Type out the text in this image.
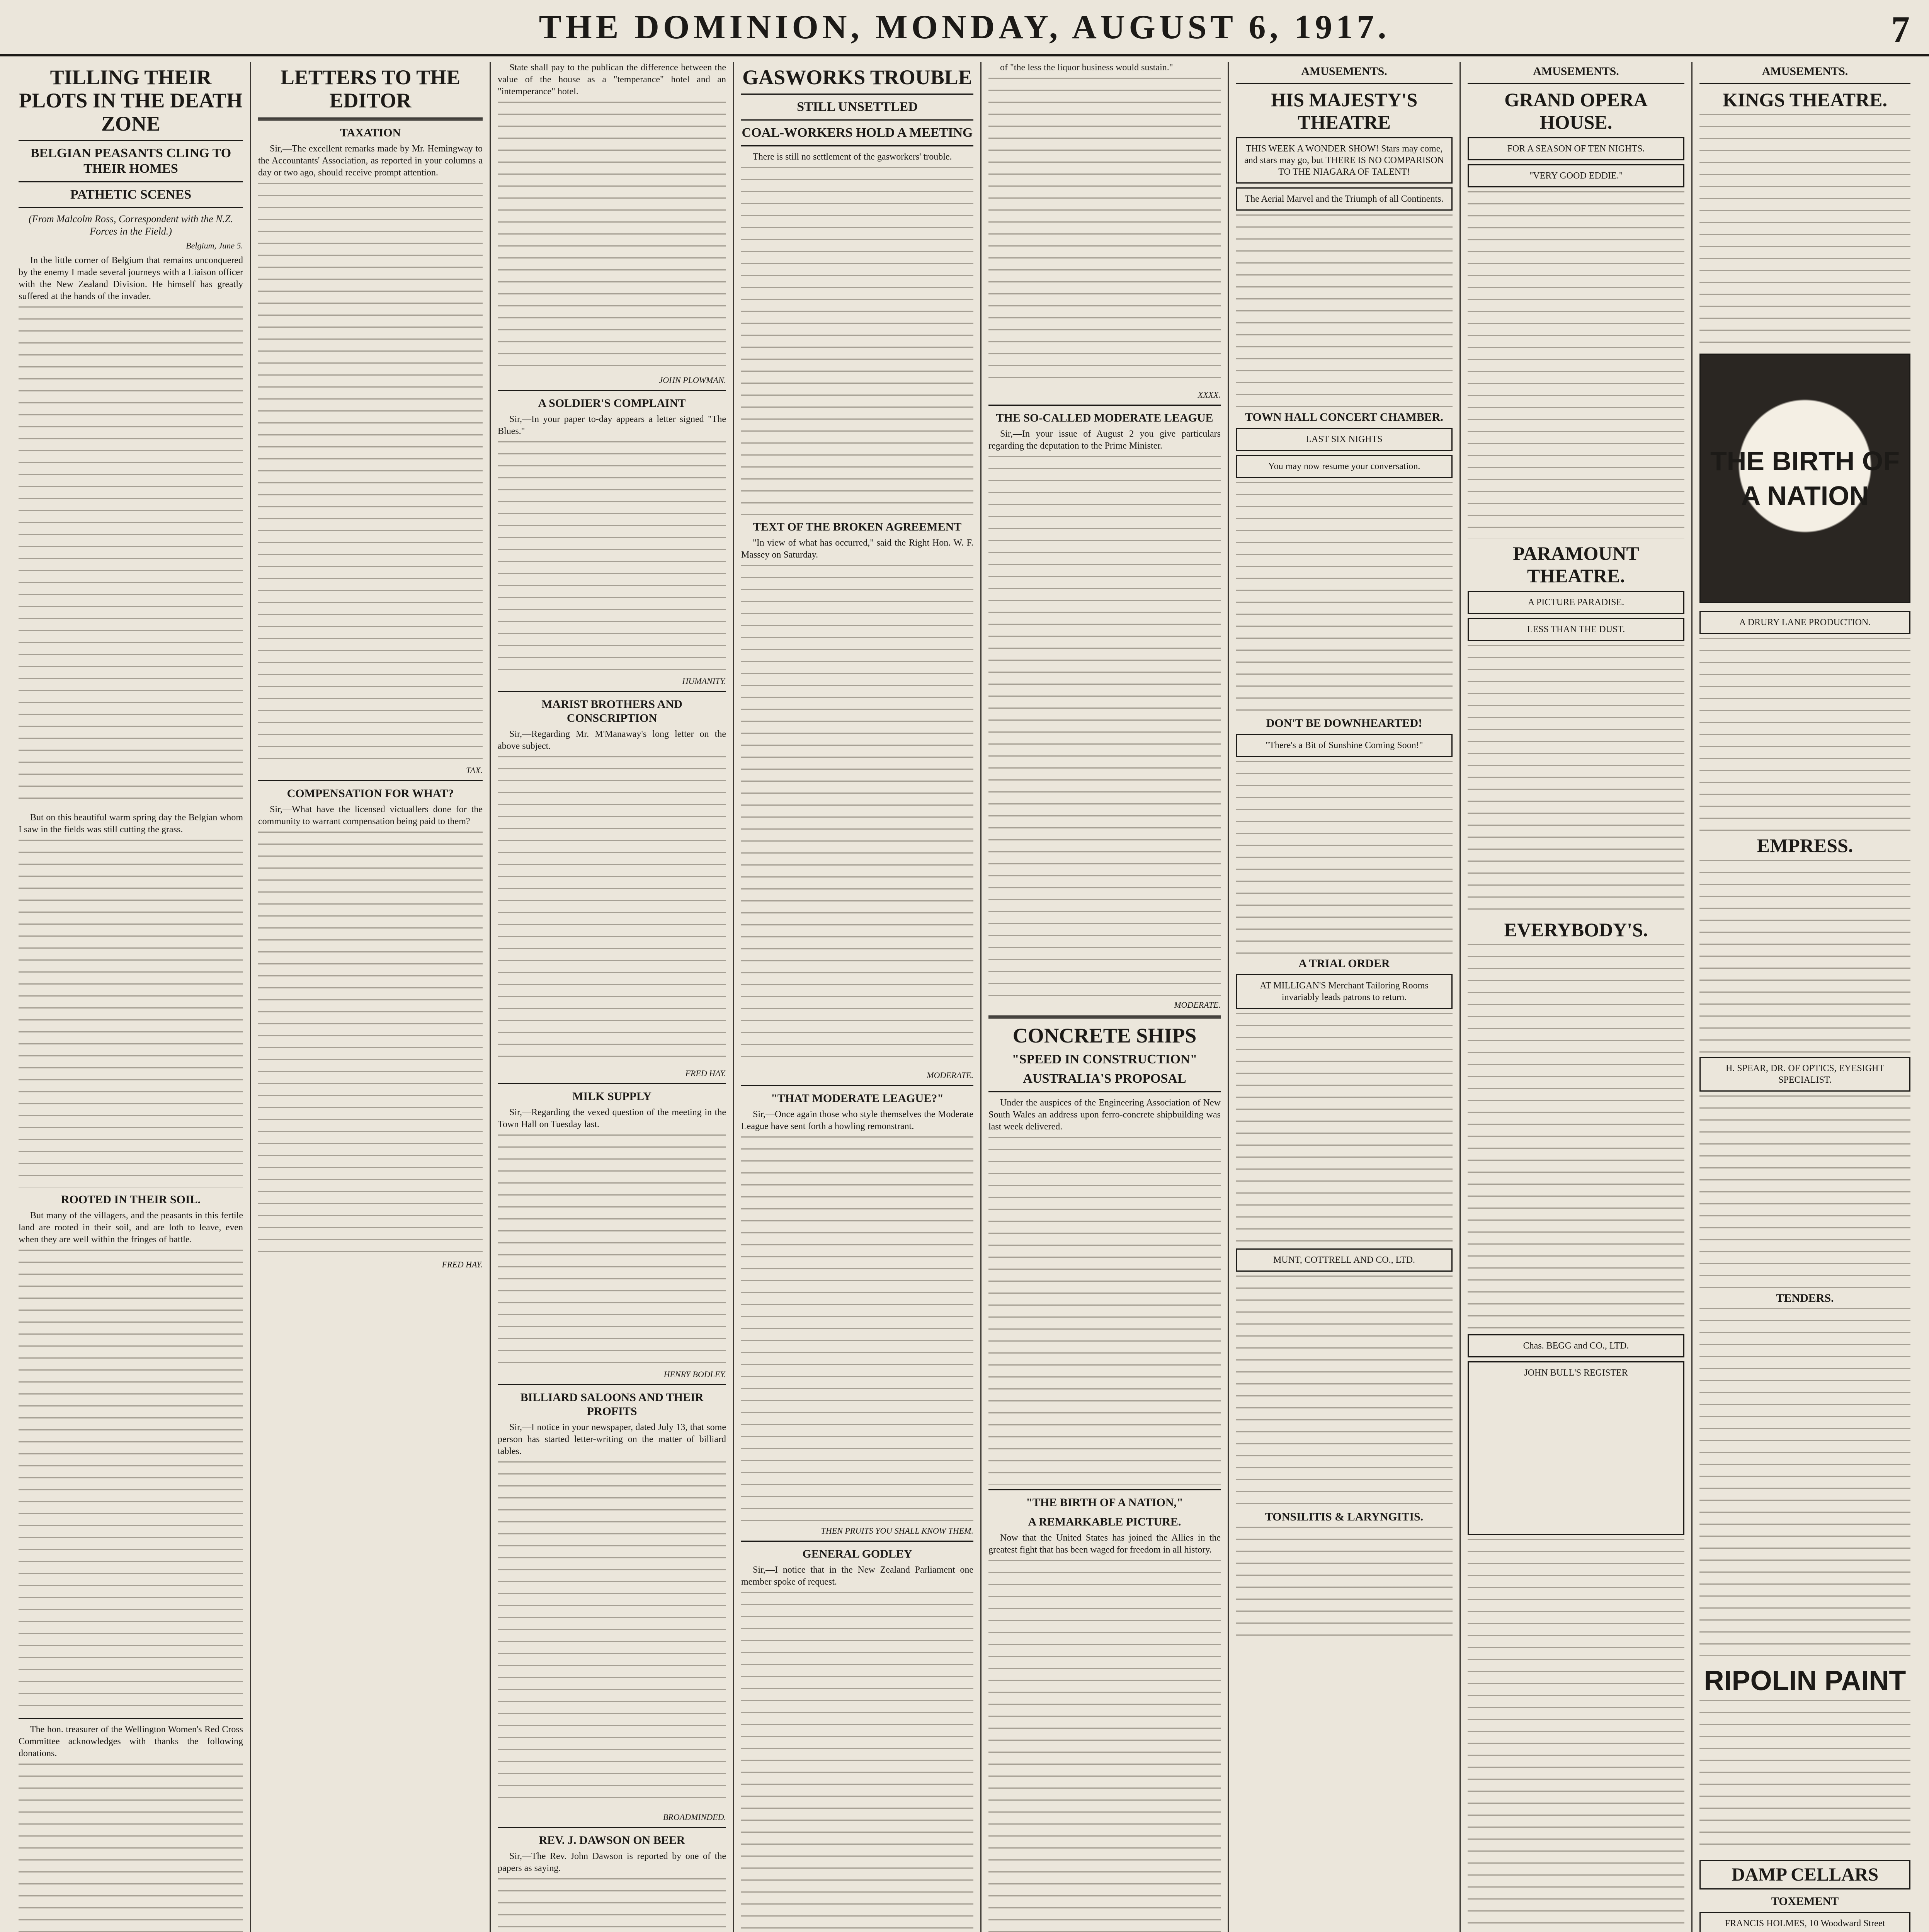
THE DOMINION, MONDAY, AUGUST 6, 1917.	7
TILLING THEIR PLOTS IN THE DEATH ZONE
BELGIAN PEASANTS CLING TO THEIR HOMES
PATHETIC SCENES
(From Malcolm Ross, Correspondent with the N.Z. Forces in the Field.)
Belgium, June 5.

In the little corner of Belgium that remains unconquered by the enemy I made several journeys with a Liaison officer with the New Zealand Division. He himself has greatly suffered at the hands of the invader.

But on this beautiful warm spring day the Belgian whom I saw in the fields was still cutting the grass.

ROOTED IN THEIR SOIL.

But many of the villagers, and the peasants in this fertile land are rooted in their soil, and are loth to leave, even when they are well within the fringes of battle.

The hon. treasurer of the Wellington Women's Red Cross Committee acknowledges with thanks the following donations.

LETTERS TO THE EDITOR
TAXATION

Sir,—The excellent remarks made by Mr. Hemingway to the Accountants' Association, as reported in your columns a day or two ago, should receive prompt attention.

TAX.
COMPENSATION FOR WHAT?

Sir,—What have the licensed victuallers done for the community to warrant compensation being paid to them?

FRED HAY.

State shall pay to the publican the difference between the value of the house as a "temperance" hotel and an "intemperance" hotel.

JOHN PLOWMAN.
A SOLDIER'S COMPLAINT

Sir,—In your paper to-day appears a letter signed "The Blues."

HUMANITY.
MARIST BROTHERS AND CONSCRIPTION

Sir,—Regarding Mr. M'Manaway's long letter on the above subject.

FRED HAY.
MILK SUPPLY

Sir,—Regarding the vexed question of the meeting in the Town Hall on Tuesday last.

HENRY BODLEY.
BILLIARD SALOONS AND THEIR PROFITS

Sir,—I notice in your newspaper, dated July 13, that some person has started letter-writing on the matter of billiard tables.

BROADMINDED.
REV. J. DAWSON ON BEER

Sir,—The Rev. John Dawson is reported by one of the papers as saying.

GASWORKS TROUBLE
STILL UNSETTLED
COAL-WORKERS HOLD A MEETING

There is still no settlement of the gasworkers' trouble.

TEXT OF THE BROKEN AGREEMENT

"In view of what has occurred," said the Right Hon. W. F. Massey on Saturday.

MODERATE.
"THAT MODERATE LEAGUE?"

Sir,—Once again those who style themselves the Moderate League have sent forth a howling remonstrant.

THEN PRUITS YOU SHALL KNOW THEM.
GENERAL GODLEY

Sir,—I notice that in the New Zealand Parliament one member spoke of request.

of "the less the liquor business would sustain."

XXXX.
THE SO-CALLED MODERATE LEAGUE

Sir,—In your issue of August 2 you give particulars regarding the deputation to the Prime Minister.

MODERATE.
CONCRETE SHIPS
"SPEED IN CONSTRUCTION"
AUSTRALIA'S PROPOSAL

Under the auspices of the Engineering Association of New South Wales an address upon ferro-concrete shipbuilding was last week delivered.

"THE BIRTH OF A NATION,"
A REMARKABLE PICTURE.

Now that the United States has joined the Allies in the greatest fight that has been waged for freedom in all history.

AMUSEMENTS.
HIS MAJESTY'S THEATRE
THIS WEEK A WONDER SHOW! Stars may come, and stars may go, but THERE IS NO COMPARISON TO THE NIAGARA OF TALENT!
The Aerial Marvel and the Triumph of all Continents.
TOWN HALL CONCERT CHAMBER.
LAST SIX NIGHTS
You may now resume your conversation.
DON'T BE DOWNHEARTED!
"There's a Bit of Sunshine Coming Soon!"
A TRIAL ORDER
AT MILLIGAN'S Merchant Tailoring Rooms invariably leads patrons to return.
MUNT, COTTRELL AND CO., LTD.
TONSILITIS & LARYNGITIS.
AMUSEMENTS.
GRAND OPERA HOUSE.
FOR A SEASON OF TEN NIGHTS.
"VERY GOOD EDDIE."
PARAMOUNT THEATRE.
A PICTURE PARADISE.
LESS THAN THE DUST.
EVERYBODY'S.
Chas. BEGG and CO., LTD.
JOHN BULL'S REGISTER
AMUSEMENTS.
KINGS THEATRE.
THE BIRTH OF A NATION
A DRURY LANE PRODUCTION.
EMPRESS.
H. SPEAR, DR. OF OPTICS, EYESIGHT SPECIALIST.
TENDERS.
RIPOLIN PAINT
DAMP CELLARS
TOXEMENT
FRANCIS HOLMES, 10 Woodward Street
